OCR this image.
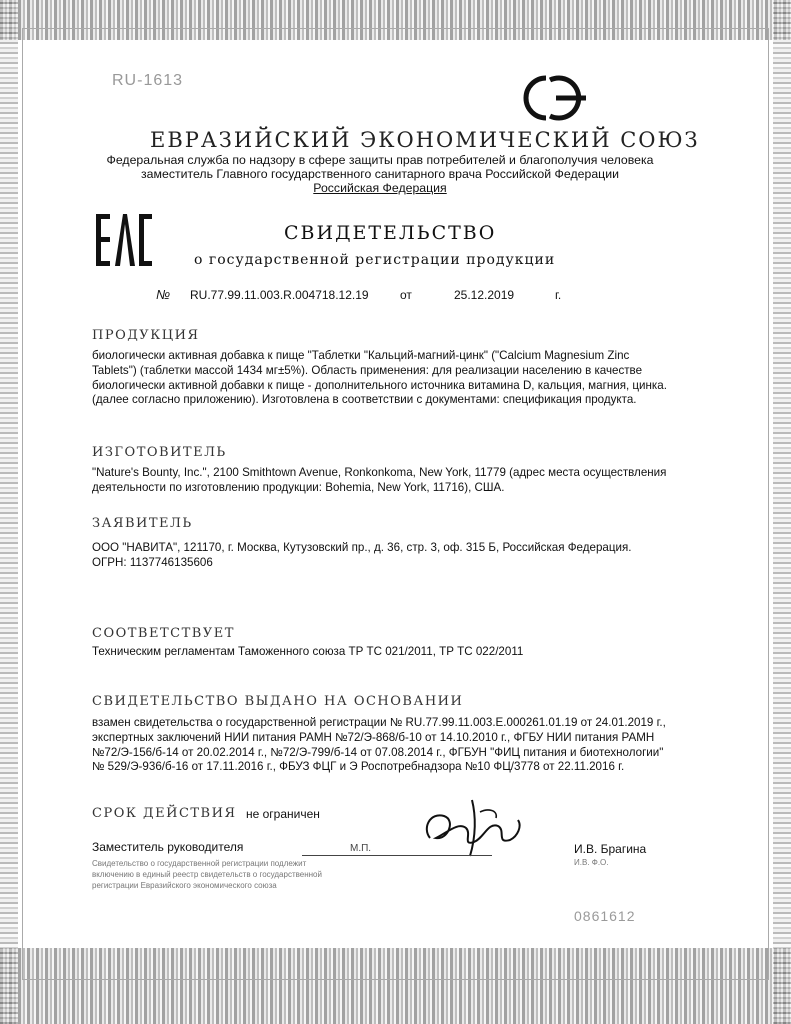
RU-1613
ЕВРАЗИЙСКИЙ ЭКОНОМИЧЕСКИЙ СОЮЗ
Федеральная служба по надзору в сфере защиты прав потребителей и благополучия человека
заместитель Главного государственного санитарного врача Российской Федерации
Российская Федерация
СВИДЕТЕЛЬСТВО
о государственной регистрации продукции
№ RU.77.99.11.003.R.004718.12.19	от	25.12.2019	г.
ПРОДУКЦИЯ
биологически активная добавка к пище "Таблетки "Кальций-магний-цинк" ("Calcium Magnesium Zinc Tablets") (таблетки массой 1434 мг±5%). Область применения: для реализации населению в качестве биологически активной добавки к пище - дополнительного источника витамина D, кальция, магния, цинка. (далее согласно приложению). Изготовлена в соответствии с документами: спецификация продукта.
ИЗГОТОВИТЕЛЬ
"Nature's Bounty, Inc.", 2100 Smithtown Avenue, Ronkonkoma, New York, 11779 (адрес места осуществления деятельности по изготовлению продукции: Bohemia, New York, 11716), США.
ЗАЯВИТЕЛЬ
ООО "НАВИТА", 121170, г. Москва, Кутузовский пр., д. 36, стр. 3, оф. 315 Б, Российская Федерация. ОГРН: 1137746135606
СООТВЕТСТВУЕТ
Техническим регламентам Таможенного союза ТР ТС 021/2011, ТР ТС 022/2011
СВИДЕТЕЛЬСТВО ВЫДАНО НА ОСНОВАНИИ
взамен свидетельства о государственной регистрации № RU.77.99.11.003.Е.000261.01.19 от 24.01.2019 г., экспертных заключений НИИ питания РАМН №72/Э-868/б-10 от 14.10.2010 г., ФГБУ НИИ питания РАМН №72/Э-156/б-14 от 20.02.2014 г., №72/Э-799/б-14 от 07.08.2014 г., ФГБУН "ФИЦ питания и биотехнологии" № 529/Э-936/б-16 от 17.11.2016 г., ФБУЗ ФЦГ и Э Роспотребнадзора №10 ФЦ/3778 от 22.11.2016 г.
СРОК ДЕЙСТВИЯ не ограничен
Заместитель руководителя	М.П.	И.В. Брагина
Свидетельство о государственной регистрации подлежит включению в единый реестр свидетельств о государственной регистрации Евразийского экономического союза
И.В. Ф.О.
0861612
